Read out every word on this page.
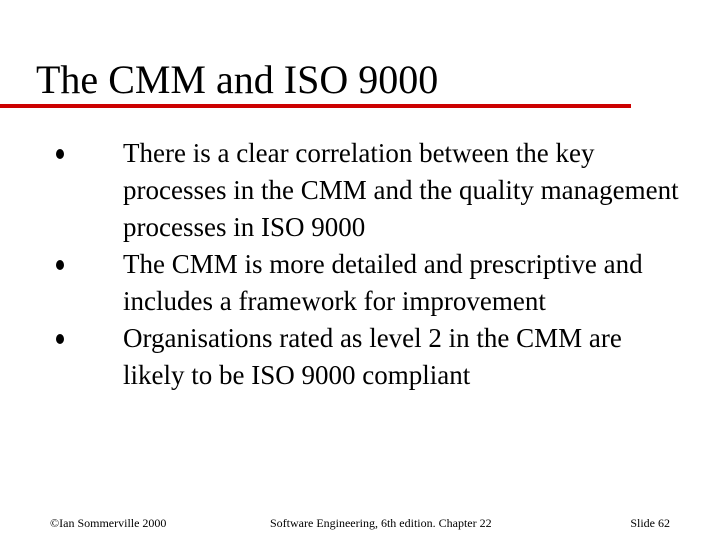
The CMM and ISO 9000
There is a clear correlation between the key processes in the CMM and the quality management processes in ISO 9000
The CMM is more detailed and prescriptive and includes a framework for improvement
Organisations rated as level 2 in the CMM are likely to be ISO 9000 compliant
©Ian Sommerville 2000	Software Engineering, 6th edition. Chapter 22	Slide 62
